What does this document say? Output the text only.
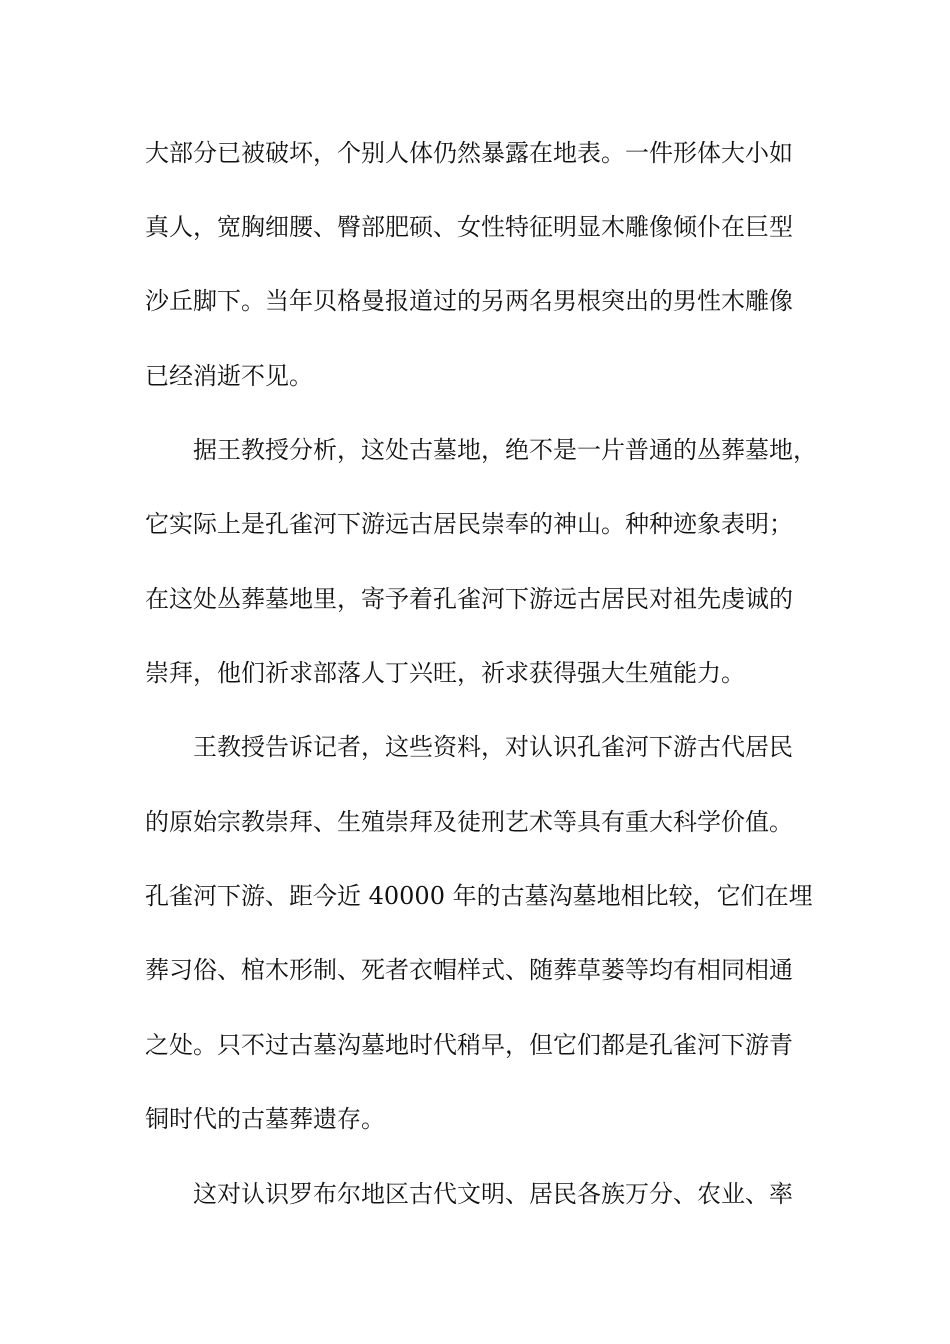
大部分已被破坏，个别人体仍然暴露在地表。一件形体大小如
真人，宽胸细腰、臀部肥硕、女性特征明显木雕像倾仆在巨型
沙丘脚下。当年贝格曼报道过的另两名男根突出的男性木雕像
已经消逝不见。
据王教授分析，这处古墓地，绝不是一片普通的丛葬墓地，
它实际上是孔雀河下游远古居民崇奉的神山。种种迹象表明；
在这处丛葬墓地里，寄予着孔雀河下游远古居民对祖先虔诚的
崇拜，他们祈求部落人丁兴旺，祈求获得强大生殖能力。
王教授告诉记者，这些资料，对认识孔雀河下游古代居民
的原始宗教崇拜、生殖崇拜及徒刑艺术等具有重大科学价值。
孔雀河下游、距今近 40000 年的古墓沟墓地相比较，它们在埋
葬习俗、棺木形制、死者衣帽样式、随葬草蒌等均有相同相通
之处。只不过古墓沟墓地时代稍早，但它们都是孔雀河下游青
铜时代的古墓葬遗存。
这对认识罗布尔地区古代文明、居民各族万分、农业、率
